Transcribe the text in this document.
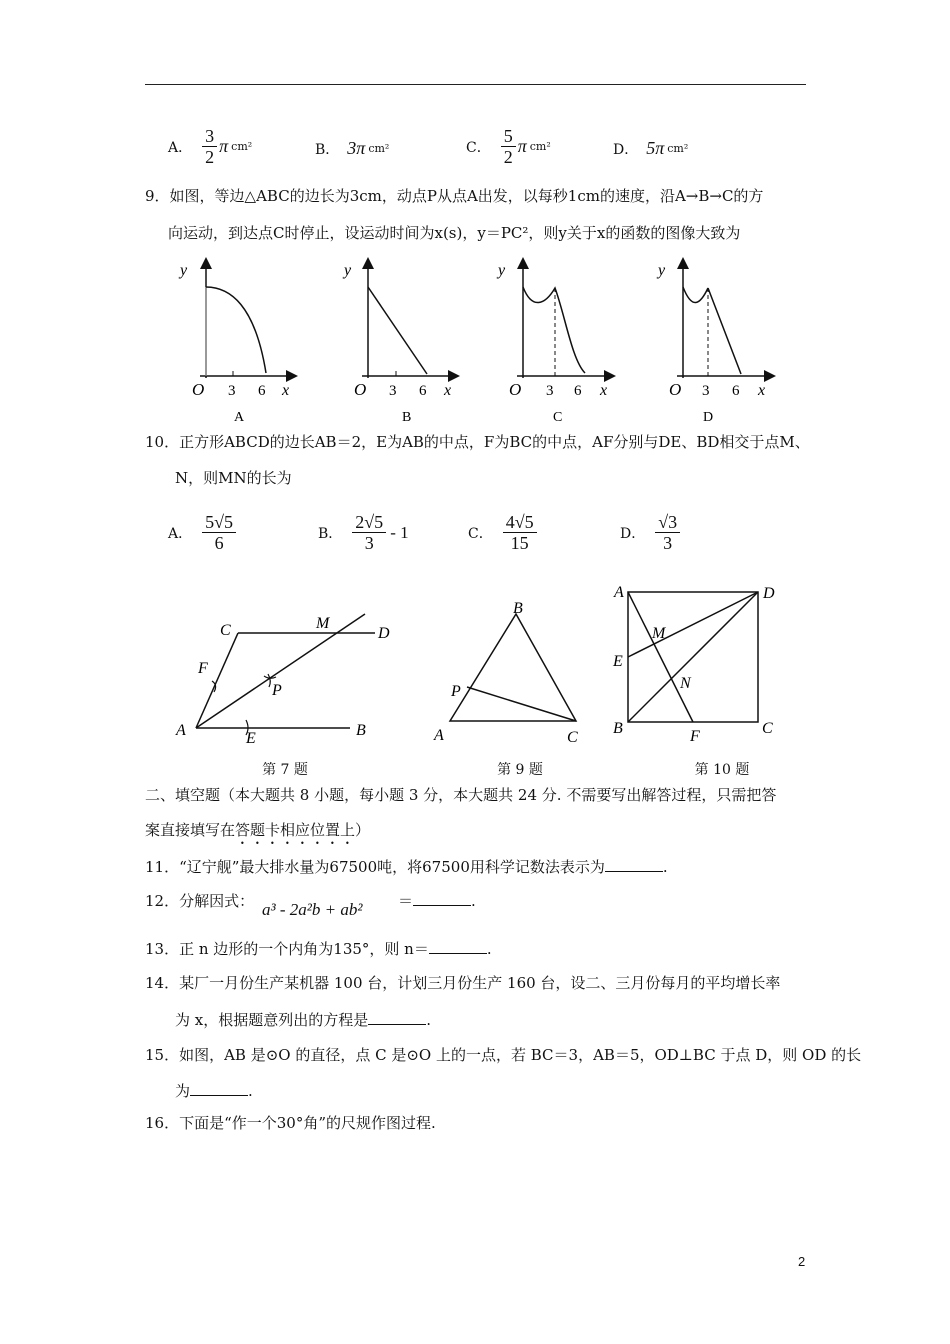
A． $\frac{3}{2}$ π cm²	B． 3π cm²	C． $\frac{5}{2}$ π cm²	D． 5π cm²
9．如图，等边△ABC的边长为3cm，动点P从点A出发，以每秒1cm的速度，沿A→B→C的方
向运动，到达点C时停止，设运动时间为x(s)，y＝PC²，则y关于x的函数的图像大致为
y
O 3 6 x
A
y
O 3 6 x
B
y
O 3 6 x
C
y
O 3 6 x
D
10．正方形ABCD的边长AB＝2，E为AB的中点，F为BC的中点，AF分别与DE、BD相交于点M、
N，则MN的长为
A． $\frac{5√5}{6}$	B． $\frac{2√5}{3} - 1$	C． $\frac{4√5}{15}$	D． $\frac{√3}{3}$
C	M
D
F
P
A	E	B
B
P
A	C
A	D
M
E
N
B	F	C
第 7 题	第 9 题	第 10 题
二、填空题（本大题共 8 小题，每小题 3 分，本大题共 24 分. 不需要写出解答过程，只需把答
案直接填写在答题卡相应位置上）
11．“辽宁舰”最大排水量为67500吨，将67500用科学记数法表示为	.
12．分解因式： a³ - 2a²b + ab² ＝	.
13．正 n 边形的一个内角为135°，则 n＝	.
14．某厂一月份生产某机器 100 台，计划三月份生产 160 台，设二、三月份每月的平均增长率
为 x，根据题意列出的方程是	.
15．如图，AB 是⊙O 的直径，点 C 是⊙O 上的一点，若 BC＝3，AB＝5，OD⊥BC 于点 D，则 OD 的长
为	.
16．下面是“作一个30°角”的尺规作图过程.
2
